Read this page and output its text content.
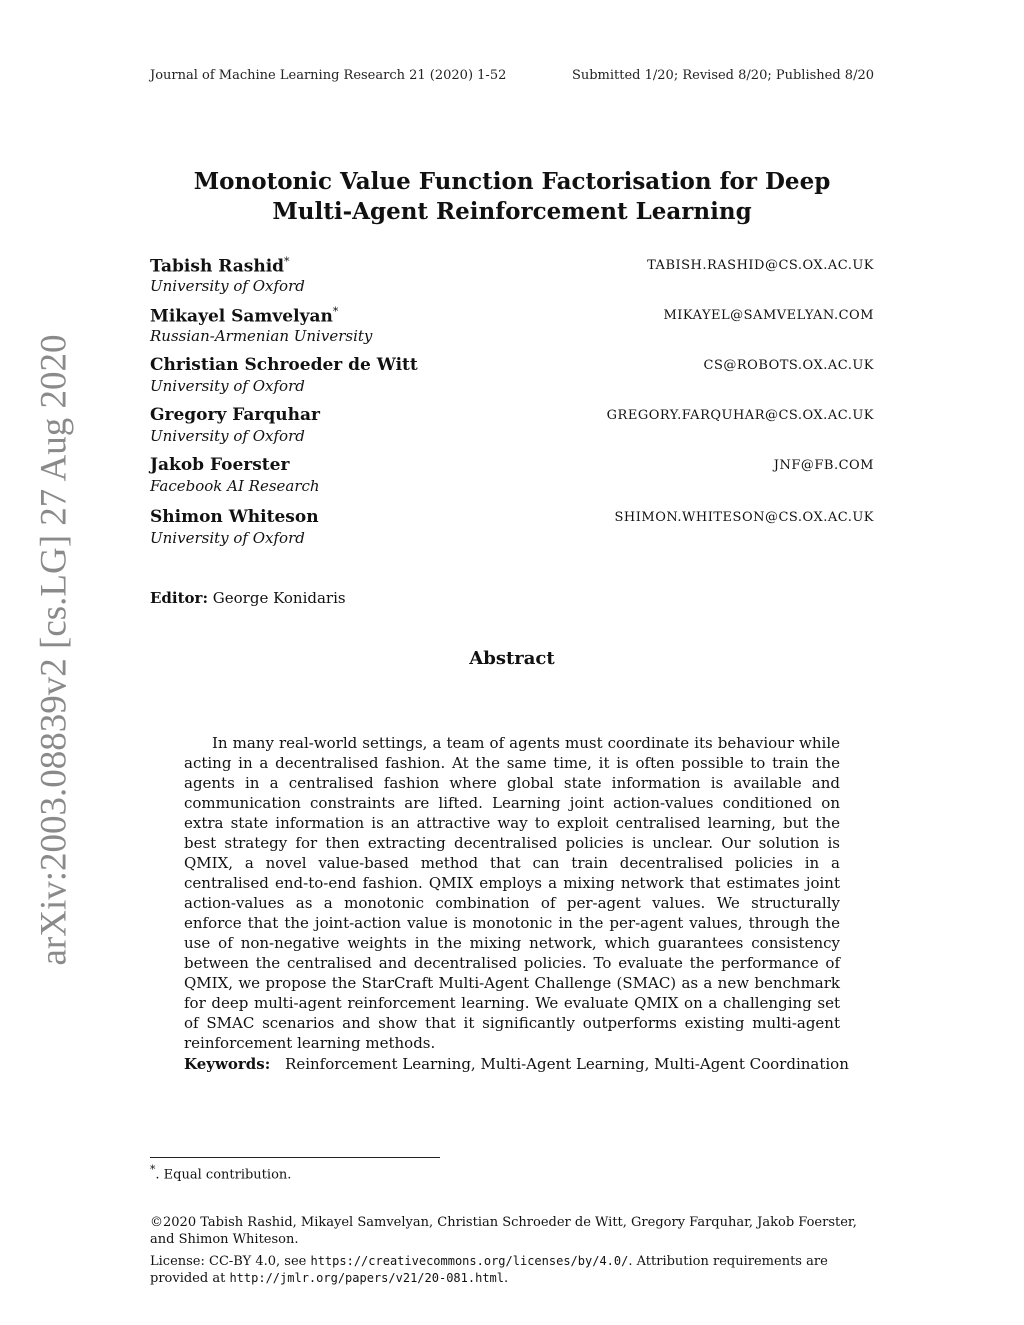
Journal of Machine Learning Research 21 (2020) 1-52	Submitted 1/20; Revised 8/20; Published 8/20
arXiv:2003.08839v2 [cs.LG] 27 Aug 2020
Monotonic Value Function Factorisation for Deep
Multi-Agent Reinforcement Learning
Tabish Rashid*	TABISH.RASHID@CS.OX.AC.UK
University of Oxford
Mikayel Samvelyan*	MIKAYEL@SAMVELYAN.COM
Russian-Armenian University
Christian Schroeder de Witt	CS@ROBOTS.OX.AC.UK
University of Oxford
Gregory Farquhar	GREGORY.FARQUHAR@CS.OX.AC.UK
University of Oxford
Jakob Foerster	JNF@FB.COM
Facebook AI Research
Shimon Whiteson	SHIMON.WHITESON@CS.OX.AC.UK
University of Oxford
Editor: George Konidaris
Abstract
In many real-world settings, a team of agents must coordinate its behaviour while acting in a decentralised fashion. At the same time, it is often possible to train the agents in a centralised fashion where global state information is available and communication constraints are lifted. Learning joint action-values conditioned on extra state information is an attractive way to exploit centralised learning, but the best strategy for then extracting decentralised policies is unclear. Our solution is QMIX, a novel value-based method that can train decentralised policies in a centralised end-to-end fashion. QMIX employs a mixing network that estimates joint action-values as a monotonic combination of per-agent values. We structurally enforce that the joint-action value is monotonic in the per-agent values, through the use of non-negative weights in the mixing network, which guarantees consistency between the centralised and decentralised policies. To evaluate the performance of QMIX, we propose the StarCraft Multi-Agent Challenge (SMAC) as a new benchmark for deep multi-agent reinforcement learning. We evaluate QMIX on a challenging set of SMAC scenarios and show that it significantly outperforms existing multi-agent reinforcement learning methods.
Keywords: Reinforcement Learning, Multi-Agent Learning, Multi-Agent Coordination
*. Equal contribution.
©2020 Tabish Rashid, Mikayel Samvelyan, Christian Schroeder de Witt, Gregory Farquhar, Jakob Foerster, and Shimon Whiteson.
License: CC-BY 4.0, see https://creativecommons.org/licenses/by/4.0/. Attribution requirements are provided at http://jmlr.org/papers/v21/20-081.html.
